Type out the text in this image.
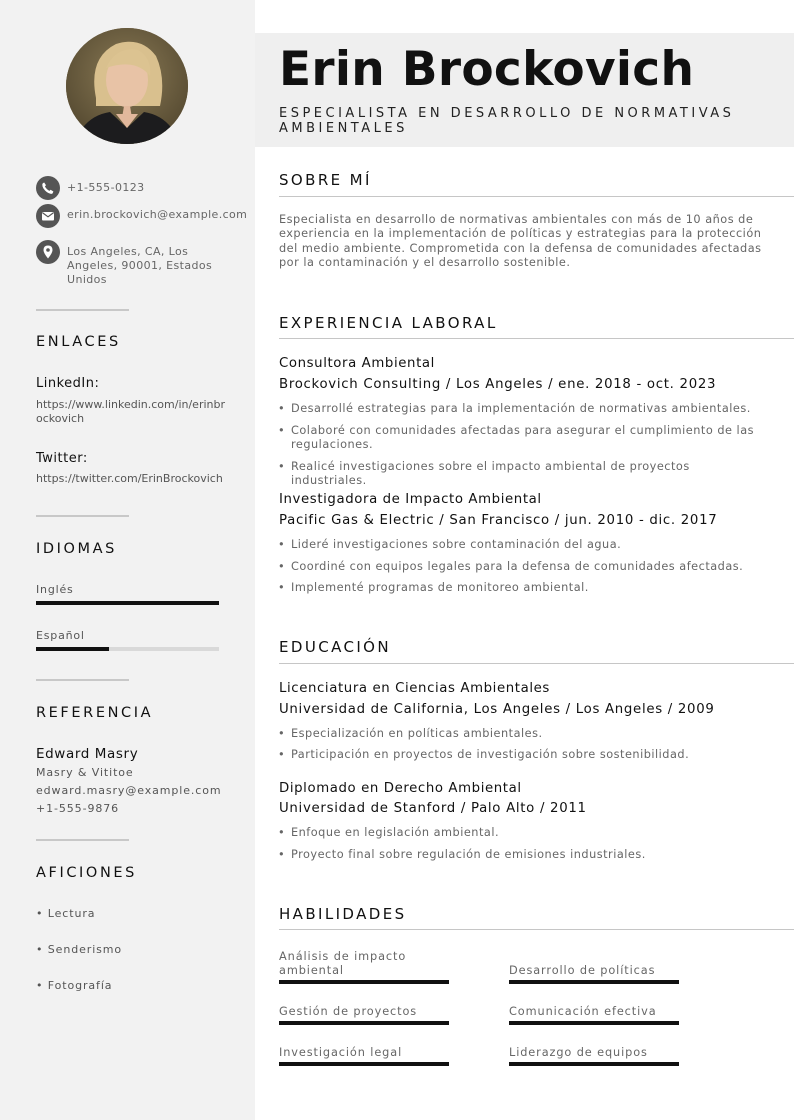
+1-555-0123
erin.brockovich@example.com
Los Angeles, CA, Los Angeles, 90001, Estados Unidos
ENLACES
LinkedIn:
https://www.linkedin.com/in/erinbrockovich
Twitter:
https://twitter.com/ErinBrockovich
IDIOMAS
Inglés
Español
REFERENCIA
Edward Masry
Masry & Vititoe
edward.masry@example.com
+1-555-9876
AFICIONES
• Lectura
• Senderismo
• Fotografía
Erin Brockovich
ESPECIALISTA EN DESARROLLO DE NORMATIVAS AMBIENTALES
SOBRE MÍ
Especialista en desarrollo de normativas ambientales con más de 10 años de experiencia en la implementación de políticas y estrategias para la protección del medio ambiente. Comprometida con la defensa de comunidades afectadas por la contaminación y el desarrollo sostenible.
EXPERIENCIA LABORAL
Consultora Ambiental
Brockovich Consulting / Los Angeles / ene. 2018 - oct. 2023
• Desarrollé estrategias para la implementación de normativas ambientales.
• Colaboré con comunidades afectadas para asegurar el cumplimiento de las regulaciones.
• Realicé investigaciones sobre el impacto ambiental de proyectos industriales.
Investigadora de Impacto Ambiental
Pacific Gas & Electric / San Francisco / jun. 2010 - dic. 2017
• Lideré investigaciones sobre contaminación del agua.
• Coordiné con equipos legales para la defensa de comunidades afectadas.
• Implementé programas de monitoreo ambiental.
EDUCACIÓN
Licenciatura en Ciencias Ambientales
Universidad de California, Los Angeles / Los Angeles / 2009
• Especialización en políticas ambientales.
• Participación en proyectos de investigación sobre sostenibilidad.
Diplomado en Derecho Ambiental
Universidad de Stanford / Palo Alto / 2011
• Enfoque en legislación ambiental.
• Proyecto final sobre regulación de emisiones industriales.
HABILIDADES
Análisis de impacto ambiental	Desarrollo de políticas
Gestión de proyectos	Comunicación efectiva
Investigación legal	Liderazgo de equipos
